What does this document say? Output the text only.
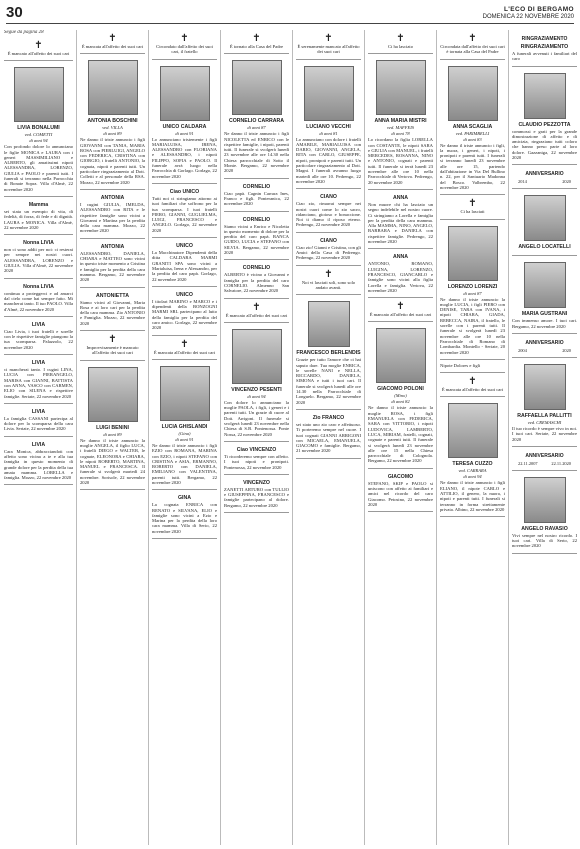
30	L'ECO DI BERGAMO
DOMENICA 22 NOVEMBRE 2020
Segue da pagina 28
✝
È mancato all'affetto dei suoi cari
LIVIA BONALUMI
ved. COMETTI
di anni 94
Con profondo dolore lo annunciano le figlie MONICA e LAURA con i generi MASSIMILIANO e ALBERTO, gli amatissimi nipoti ALESSANDRA, LORENZO, GIULIA e PAOLO e parenti tutti. I funerali si terranno nella Parrocchia di Bonate Sopra. Villa d'Almè, 22 novembre 2020
Mamma
sei stata un esempio di vita, di fedeltà, di forza, di fede e di dignità. LAURA e MONICA. Villa d'Almè, 22 novembre 2020
Nonna LIVIA
non ci sono addii per noi: ci resterai per sempre nei nostri cuori. ALESSANDRA, LORENZO e GIULIA. Villa d'Almè, 22 novembre 2020
Nonna LIVIA
continua a proteggerci e ad amarci dal cielo come hai sempre fatto. Mi mancherai tanto. Il tuo PAOLO. Villa d'Almè, 22 novembre 2020
LIVIA
Ciao Livia, i tuoi fratelli e sorelle con le rispettive famiglie piangono la tua scomparsa. Palazzolo, 22 novembre 2020
LIVIA
ci mancherai tanto. I cugini LINA, LUCIA con PIERANGELO, MARISA con GIANNI, BATTISTA con ANNA, VASCO con CARMEN, ELIO con SILENA e rispettive famiglie. Seriate, 22 novembre 2020
LIVIA
La famiglia CASSANI partecipa al dolore per la scomparsa della cara Livia. Seriate, 22 novembre 2020
LIVIA
Cara Monica, abbracciandoti con affetto sono vicina a te e alla tua famiglia in questo momento di grande dolore per la perdita della tua amata mamma. LORELLA e famiglia. Mozzo, 22 novembre 2020
✝
È mancata all'affetto dei suoi cari
ANTONIA BOSCHINI
ved. VILLA
di anni 89
Ne danno il triste annuncio i figli GIOVANNI con TANIA, MARIA ROSA con PIERLUIGI, ANGELO con FEDERICA, CRISTINA con GIORGIO, i fratelli ANTONIO, la cognata, nipoti e parenti tutti. Un particolare ringraziamento al Dott. Colletti e al personale della RSA. Mozzo, 22 novembre 2020
ANTONIA
I cugini GIULIA, IMELDA, ALESSANDRO con RITA e le rispettive famiglie sono vicini a Giovanni e Martina per la perdita della cara mamma. Mozzo, 22 novembre 2020
ANTONIA
ALESSANDRO, DANIELA, CHIARA e MATTEO sono vicini in questo triste momento a Cristina e famiglia per la perdita della cara mamma. Bergamo, 22 novembre 2020
ANTONIETTA
Siamo vicini al Giovanni, Maria Rosa e ai loro cari per la perdita della cara mamma. Zio ANTONIO e Famiglia. Mozzo, 22 novembre 2020
✝
Improvvisamente è mancato all'affetto dei suoi cari
LUIGI BENINI
di anni 89
Ne danno il triste annuncio la moglie ANGELA, il figlio LUCA, i fratelli DIEGO e WALTER, le cognate, ELEONORA e CHIARA, le nipoti ROBERTO, MARTINA, MANUEL e FRANCESCA. Il funerale si svolgerà martedì 24 novembre. Sorisole, 22 novembre 2020
✝
Circondato dall'affetto dei suoi cari, il fratello
UNICO CALDARA
di anni 91
Lo annunciano tristemente i figli MARIALUISA, IRENA, ALESSANDRO con FLORIANA e ALESSANDRO, i nipoti FILIPPO, SOFIA e PAOLO. Il funerale avrà luogo nella Parrocchia di Gorlago. Gorlago, 22 novembre 2020
Ciao UNICO
Tutti noi ci stringiamo attorno ai tuoi familiari che soffrono per la tua scomparsa. I tuoi fratelli PIERO, GIANNI, GUGLIELMA, LUIGI, FRANCESCO e ANGELO. Gorlago, 22 novembre 2020
UNICO
La Macchinatore Dipendenti della ditta CALDARA MARMI GRANITI SPA sono vicini a Marialuisa, Irena e Alessandro, per la perdita del caro papà. Gorlago, 22 novembre 2020
UNICO
I titolari MARINO e MARCO e i dipendenti della BONZOGNI MARMI SRL partecipano al lutto della famiglia per la perdita del caro amico. Gorlago, 22 novembre 2020
✝
È mancata all'affetto dei suoi cari
LUCIA GHISLANDI
(Gina)
di anni 91
Ne danno il triste annuncio i figli EZIO con ROMANA, MARINA con EZIO, i nipoti STEFANO con CRISTINA e ASIA, ERMANNO, ROBERTO con DANIELA, EMILIANO con VALENTINA, parenti tutti. Bergamo, 22 novembre 2020
GINA
La cognata ENRICA con RENATO e SILVANA, ELIO e famiglie sono vicini a Ezio e Marina per la perdita della loro cara mamma. Villa di Serio, 22 novembre 2020
✝
È tornato alla Casa del Padre
CORNELIO CARRARA
di anni 87
Ne danno il triste annuncio i figli NICOLETTA ed ENRICO con le rispettive famiglie, i nipoti, parenti tutti. Il funerale si svolgerà lunedì 23 novembre alle ore 14.30 nella Chiesa parrocchiale di Sotto il Monte. Bergamo, 22 novembre 2020
CORNELIO
Ciao papà. Cagnin Carrara Ines, Franco e figli. Ponteranica, 22 novembre 2020
CORNELIO
Siamo vicini a Enrico e Nicoletta in questo momento di dolore per la perdita del caro papà. BANCA GUIDO, LUCIA e STEFANO con SILVIA. Bergamo, 22 novembre 2020
CORNELIO
ALBERTO è vicino a Giovanni e famiglia per la perdita del caro CORNELIO. Almenno San Salvatore, 22 novembre 2020
✝
È mancato all'affetto dei suoi cari
VINCENZO PESENTI
di anni 94
Con dolore lo annunciano la moglie PAOLA, i figli, i generi e i parenti tutti. Un grazie di cuore al Dott. Arrigoni. Il funerale si svolgerà lunedì 23 novembre nella Chiesa di S.B. Pontenossa. Ponte Nossa, 22 novembre 2020
Ciao VINCENZO
Ti ricorderemo sempre con affetto. I tuoi nipoti e pronipoti. Pontenossa, 22 novembre 2020
VINCENZO
ZANETTI ARTURO con TULLIO e GIUSEPPINA, FRANCESCO e famiglie partecipano al dolore. Bergamo, 22 novembre 2020
✝
È serenamente mancato all'affetto dei suoi cari
LUCIANO VECCHI
di anni 81
Lo annunciano con dolore i fratelli AMABILE, MARIALUISA con DARIO, GIOVANNI, ANGELA, RITA con CARLO, GIUSEPPE, nipoti, pronipoti e parenti tutti. Un particolare ringraziamento al Dott. Magni. I funerali avranno luogo martedì alle ore 10. Pedrengo, 22 novembre 2020
CIANO
Ciao zio, rimarrai sempre nei nostri cuori come lo zio sacro, ridanciano, gioioso e bonaccione. Noi ti diamo il riposo eterno. Pedrengo, 22 novembre 2020
CIANO
Ciao zio! Gianni e Cristina, con gli Amici della Casa di Pedrengo. Pedrengo, 22 novembre 2020
✝
Noi vi lasciati soli, sono solo andato avanti.
FRANCESCO BERLENDIS
Grazie per tutto l'amore che ci hai saputo dare. Tua moglie ENRICA, le sorelle NANI e NELLA, RICCARDO, DANIELA, SIMONA e tutti i tuoi cari. Il funerale si svolgerà lunedì alle ore 14.30 nella Parrocchiale di Longuelo. Bergamo, 22 novembre 2020
Zio FRANCO
sei stato uno zio caro e affettuoso. Ti porteremo sempre nel cuore. I tuoi cognati GIANNI ARRIGONI con MICAELA, EMANUELA, GIACOMO e famiglie. Bergamo, 21 novembre 2020
✝
Ci ha lasciato
ANNA MARIA MISTRI
ved. MAFFEIS
di anni 78
Lo ricordano la figlia LORELLA con COSTANTE, le nipoti SARA e GIULIA con MANUEL, i fratelli MERCEDES, ROSANNA, NINO e ANTONIO, cognati e parenti tutti. Il funerale si terrà lunedì 23 novembre alle ore 10 nella Parrocchiale di Vertova. Pedrengo, 20 novembre 2020
ANNA
Non muore chi ha lasciato un segno indelebile nel nostro cuore. Ci stringiamo a Lorella e famiglia per la perdita della cara mamma. Alla MAMMA, NINO, ANGELO, BARBARA e DANIELA con rispettive famiglie. Pedrengo, 22 novembre 2020
ANNA
ANTONIO, ROMANO, LUIGINA, LORENZO, FRANCESCO, GIANCARLO e famiglie sono vicini alla figlia Lorella e famiglia. Vertova, 22 novembre 2020
✝
È mancato all'affetto dei suoi cari
GIACOMO POLONI
(Mino)
di anni 82
Ne danno il triste annuncio la moglie ROSA, i figli EMANUELA con FEDERICA, SARA con VITTORIO, i nipoti LUDOVICA, LAMBERTO, LUCA, MIRIAM, fratelli, cognati, cognate e parenti tutti. Il funerale si svolgerà lunedì 23 novembre alle ore 15 nella Chiesa parrocchiale di Colognola. Bergamo, 22 novembre 2020
GIACOMO
STEFANO, SKIP e PAOLO si uniscono con affetto ai familiari e amici nel ricordo del caro Giacomo. Petosino, 22 novembre 2020
✝
Circondata dall'affetto dei suoi cari è tornata alla Casa del Padre
ANNA SCAGLIA
ved. PARIMBELLI
di anni 83
Ne danno il triste annuncio i figli, la nuora, i generi, i nipoti, i pronipoti e parenti tutti. I funerali si terranno lunedì 23 novembre alle ore 15, partendo dall'abitazione in Via Del Bullino n. 22, per il Santuario Madonna del Bosco. Valbrembo, 22 novembre 2020
✝
Ci ha lasciati
LORENZO LORENZI
di anni 87
Ne danno il triste annuncio la moglie LUCIA, i figli PIERO con DENISE, TARA con IVANA, i nipoti CHIARA, GIADA, REBECCA, NAIRA, il fratello, le sorelle con i parenti tutti. Il funerale si svolgerà lunedì 23 novembre alle ore 10 nella Parrocchiale di Romano di Lombardia. Montello - Seriate, 20 novembre 2020
Nipote Dolores e figli
✝
È mancata all'affetto dei suoi cari
TERESA CUZZO
ved. CARRARA
di anni 94
Ne danno il triste annuncio i figli ELIANO, il nipote CARLO e ATTILIO, il genero, la nuora, i nipoti e parenti tutti. I funerali si terranno in forma strettamente privata. Albino, 22 novembre 2020
RINGRAZIAMENTO
RINGRAZIAMENTO
A funerali avvenuti i familiari del caro
CLAUDIO PEZZOTTA
commossi e grati per la grande dimostrazione di affetto e di amicizia, ringraziano tutti coloro che hanno preso parte al loro dolore. Gazzaniga, 22 novembre 2020
ANNIVERSARIO
2014	2020
ANGELO LOCATELLI
MARIA GUSTRANI
Con immenso amore. I tuoi cari. Bergamo, 22 novembre 2020
ANNIVERSARIO
2004	2020
RAFFAELLA PALLITTI
ved. CREMASCHI
Il tuo ricordo è sempre vivo in noi. I tuoi cari. Seriate, 22 novembre 2020
ANNIVERSARIO
22.11.2007	22.11.2020
ANGELO RAVASIO
Vivi sempre nel nostro ricordo. I tuoi cari. Villa di Serio, 22 novembre 2020
